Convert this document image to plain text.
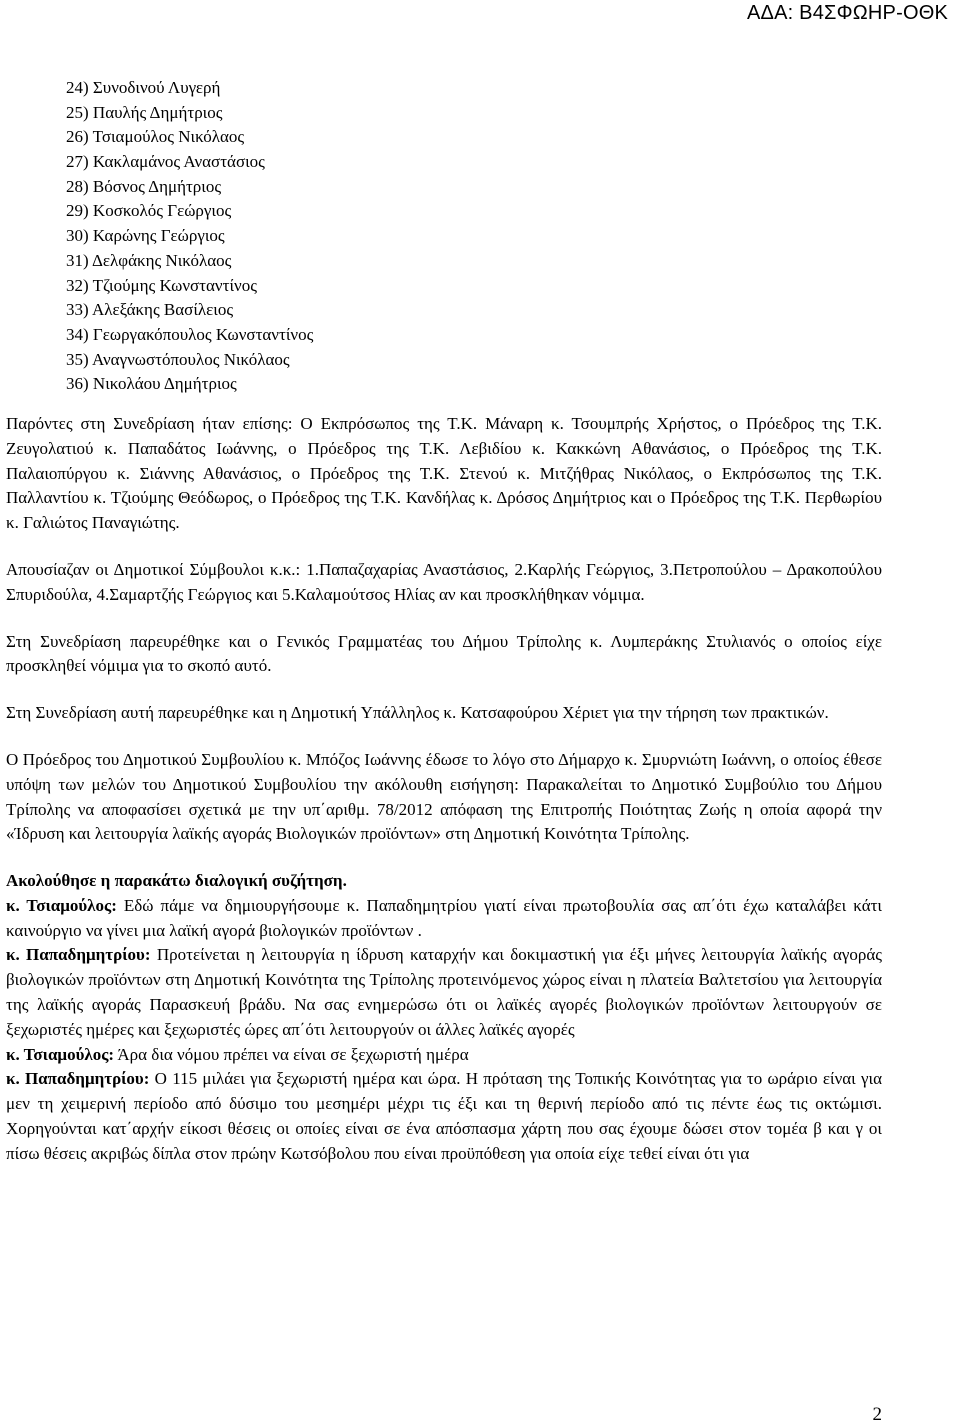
ΑΔΑ: Β4ΣΦΩΗΡ-ΟΘΚ
24) Συνοδινού Λυγερή
25) Παυλής Δημήτριος
26) Τσιαμούλος Νικόλαος
27) Κακλαμάνος Αναστάσιος
28) Βόσνος Δημήτριος
29) Κοσκολός Γεώργιος
30) Καρώνης Γεώργιος
31) Δελφάκης Νικόλαος
32) Τζιούμης Κωνσταντίνος
33) Αλεξάκης Βασίλειος
34) Γεωργακόπουλος Κωνσταντίνος
35) Αναγνωστόπουλος Νικόλαος
36) Νικολάου Δημήτριος

Παρόντες στη Συνεδρίαση ήταν επίσης: Ο Εκπρόσωπος της Τ.Κ. Μάναρη κ. Τσουμπρής Χρήστος, ο Πρόεδρος της Τ.Κ. Ζευγολατιού κ. Παπαδάτος Ιωάννης, ο Πρόεδρος της Τ.Κ. Λεβιδίου κ. Κακκώνη Αθανάσιος, ο Πρόεδρος της Τ.Κ. Παλαιοπύργου κ. Σιάννης Αθανάσιος, ο Πρόεδρος της Τ.Κ. Στενού κ. Μιτζήθρας Νικόλαος, ο Εκπρόσωπος της Τ.Κ. Παλλαντίου κ. Τζιούμης Θεόδωρος, ο Πρόεδρος της Τ.Κ. Κανδήλας κ. Δρόσος Δημήτριος και ο Πρόεδρος της Τ.Κ. Περθωρίου κ. Γαλιώτος Παναγιώτης.

Απουσίαζαν οι Δημοτικοί Σύμβουλοι κ.κ.: 1.Παπαζαχαρίας Αναστάσιος, 2.Καρλής Γεώργιος, 3.Πετροπούλου – Δρακοπούλου Σπυριδούλα, 4.Σαμαρτζής Γεώργιος και 5.Καλαμούτσος Ηλίας αν και προσκλήθηκαν νόμιμα.

Στη Συνεδρίαση παρευρέθηκε και ο Γενικός Γραμματέας του Δήμου Τρίπολης κ. Λυμπεράκης Στυλιανός ο οποίος είχε προσκληθεί νόμιμα για το σκοπό αυτό.

Στη Συνεδρίαση αυτή παρευρέθηκε και η Δημοτική Υπάλληλος κ. Κατσαφούρου Χέριετ για την τήρηση των πρακτικών.

Ο Πρόεδρος του Δημοτικού Συμβουλίου κ. Μπόζος Ιωάννης έδωσε το λόγο στο Δήμαρχο κ. Σμυρνιώτη Ιωάννη, ο οποίος έθεσε υπόψη των μελών του Δημοτικού Συμβουλίου την ακόλουθη εισήγηση: Παρακαλείται το Δημοτικό Συμβούλιο του Δήμου Τρίπολης να αποφασίσει σχετικά με την υπ΄αριθμ. 78/2012 απόφαση της Επιτροπής Ποιότητας Ζωής η οποία αφορά την «Ίδρυση και λειτουργία λαϊκής αγοράς Βιολογικών προϊόντων» στη Δημοτική Κοινότητα Τρίπολης.

Ακολούθησε η παρακάτω διαλογική συζήτηση.

κ. Τσιαμούλος: Εδώ πάμε να δημιουργήσουμε κ. Παπαδημητρίου γιατί είναι πρωτοβουλία σας απ΄ότι έχω καταλάβει κάτι καινούργιο να γίνει μια λαϊκή αγορά βιολογικών προϊόντων .

κ. Παπαδημητρίου: Προτείνεται η λειτουργία η ίδρυση καταρχήν και δοκιμαστική για έξι μήνες λειτουργία λαϊκής αγοράς βιολογικών προϊόντων στη Δημοτική Κοινότητα της Τρίπολης προτεινόμενος χώρος είναι η πλατεία Βαλτετσίου για λειτουργία της λαϊκής αγοράς Παρασκευή βράδυ. Να σας ενημερώσω ότι οι λαϊκές αγορές βιολογικών προϊόντων λειτουργούν σε ξεχωριστές ημέρες και ξεχωριστές ώρες απ΄ότι λειτουργούν οι άλλες λαϊκές αγορές

κ. Τσιαμούλος: Άρα δια νόμου πρέπει να είναι σε ξεχωριστή ημέρα

κ. Παπαδημητρίου: Ο 115 μιλάει για ξεχωριστή ημέρα και ώρα. Η πρόταση της Τοπικής Κοινότητας για το ωράριο είναι για μεν τη χειμερινή περίοδο από δύσιμο του μεσημέρι μέχρι τις έξι και τη θερινή περίοδο από τις πέντε έως τις οκτώμισι. Χορηγούνται κατ΄αρχήν είκοσι θέσεις οι οποίες είναι σε ένα απόσπασμα χάρτη που σας έχουμε δώσει στον τομέα β και γ οι πίσω θέσεις ακριβώς δίπλα στον πρώην Κωτσόβολου που είναι προϋπόθεση για οποία είχε τεθεί είναι ότι για

2
